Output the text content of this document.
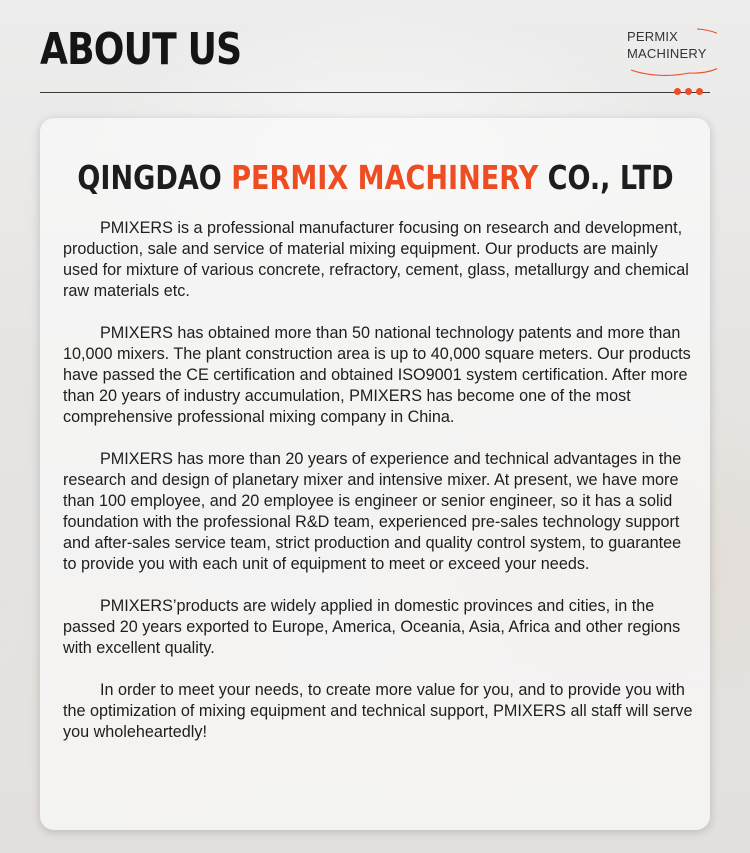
ABOUT US	PERMIX
MACHINERY
QINGDAO PERMIX MACHINERY CO., LTD

PMIXERS is a professional manufacturer focusing on research and development, production, sale and service of material mixing equipment. Our products are mainly used for mixture of various concrete, refractory, cement, glass, metallurgy and chemical raw materials etc.

PMIXERS has obtained more than 50 national technology patents and more than 10,000 mixers. The plant construction area is up to 40,000 square meters. Our products have passed the CE certification and obtained ISO9001 system certification. After more than 20 years of industry accumulation, PMIXERS has become one of the most comprehensive professional mixing company in China.

PMIXERS has more than 20 years of experience and technical advantages in the research and design of planetary mixer and intensive mixer. At present, we have more than 100 employee, and 20 employee is engineer or senior engineer, so it has a solid foundation with the professional R&D team, experienced pre-sales technology support and after-sales service team, strict production and quality control system, to guarantee to provide you with each unit of equipment to meet or exceed your needs.

PMIXERS’products are widely applied in domestic provinces and cities, in the passed 20 years exported to Europe, America, Oceania, Asia, Africa and other regions with excellent quality.

In order to meet your needs, to create more value for you, and to provide you with the optimization of mixing equipment and technical support, PMIXERS all staff will serve you wholeheartedly!
